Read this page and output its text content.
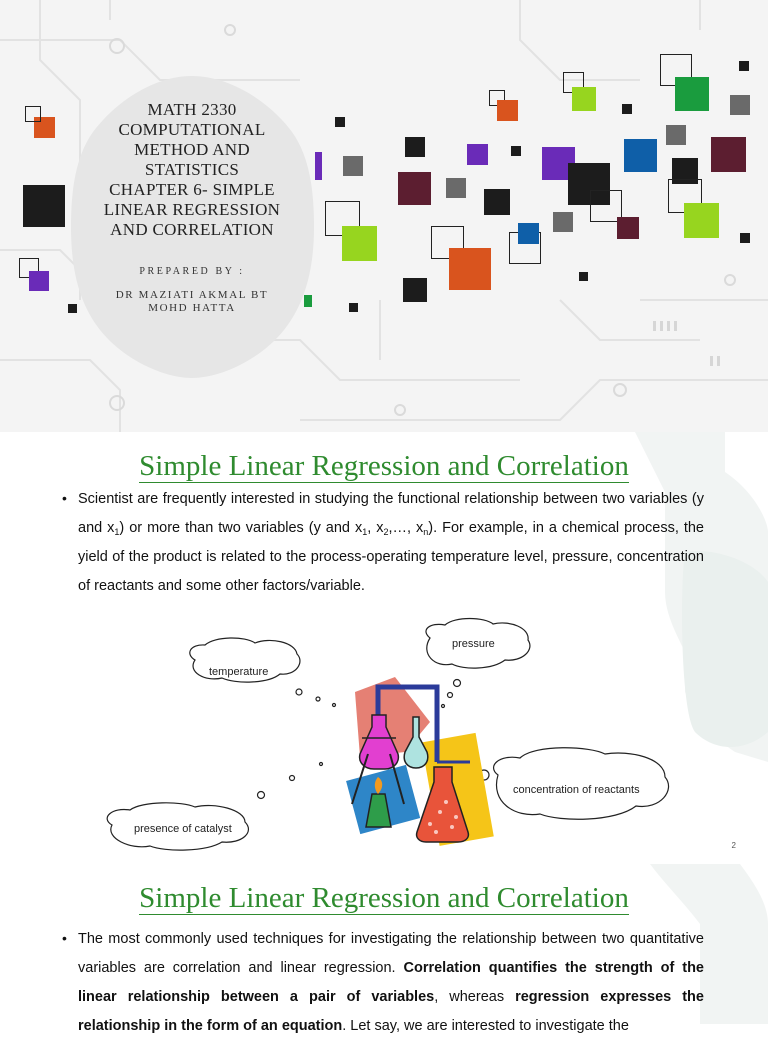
MATH 2330
COMPUTATIONAL
METHOD AND
STATISTICS
CHAPTER 6- SIMPLE
LINEAR REGRESSION
AND CORRELATION
PREPARED BY :
DR MAZIATI AKMAL BT
MOHD HATTA
Simple Linear Regression and Correlation
• Scientist are frequently interested in studying the functional relationship between two variables (y and $x_1$) or more than two variables (y and $x_1$, $x_2,\dots$, $x_n$). For example, in a chemical process, the yield of the product is related to the process-operating temperature level, pressure, concentration of reactants and some other factors/variable.
temperature
pressure
concentration of reactants
presence of catalyst
2
Simple Linear Regression and Correlation
• The most commonly used techniques for investigating the relationship between two quantitative variables are correlation and linear regression. Correlation quantifies the strength of the linear relationship between a pair of variables, whereas regression expresses the relationship in the form of an equation. Let say, we are interested to investigate the
